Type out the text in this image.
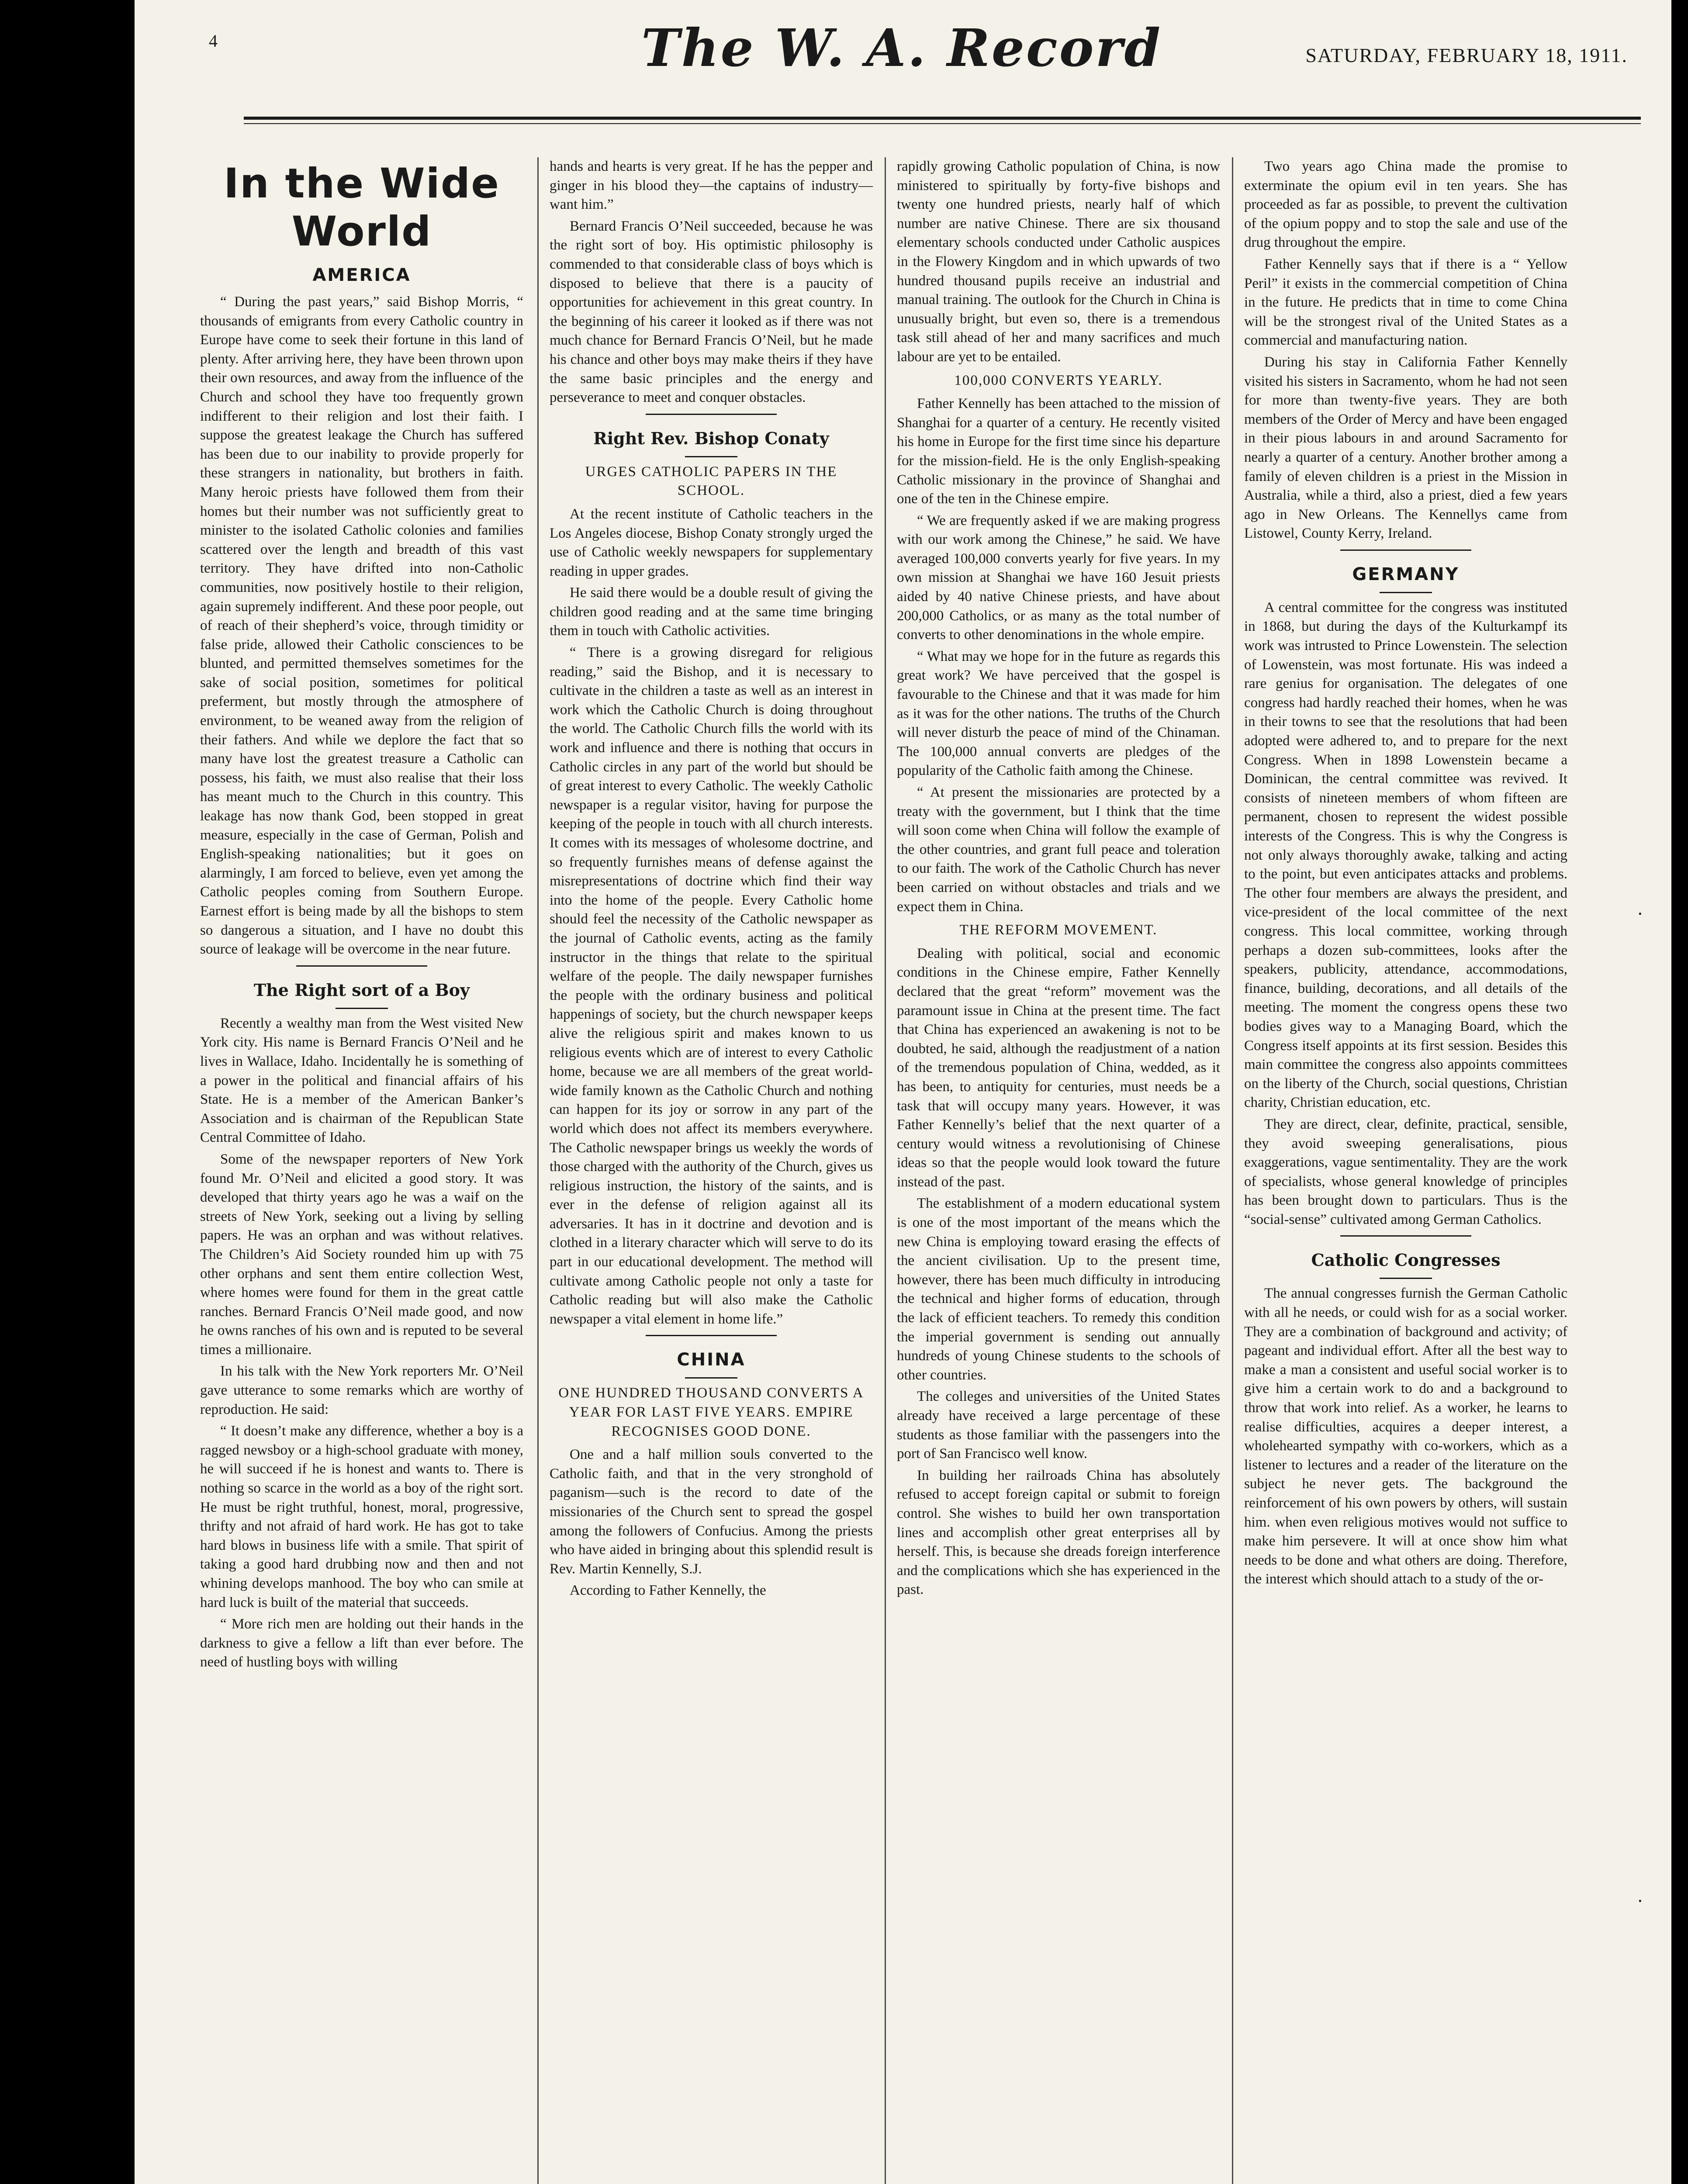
4	The W. A. Record	SATURDAY, FEBRUARY 18, 1911.
In the Wide World
AMERICA

“ During the past years,” said Bishop Morris, “ thousands of emigrants from every Catholic country in Europe have come to seek their fortune in this land of plenty. After arriving here, they have been thrown upon their own resources, and away from the influence of the Church and school they have too frequently grown indifferent to their religion and lost their faith. I suppose the greatest leakage the Church has suffered has been due to our inability to provide properly for these strangers in nationality, but brothers in faith. Many heroic priests have followed them from their homes but their number was not sufficiently great to minister to the isolated Catholic colonies and families scattered over the length and breadth of this vast territory. They have drifted into non-Catholic communities, now positively hostile to their religion, again supremely indifferent. And these poor people, out of reach of their shepherd’s voice, through timidity or false pride, allowed their Catholic consciences to be blunted, and permitted themselves sometimes for the sake of social position, sometimes for political preferment, but mostly through the atmosphere of environment, to be weaned away from the religion of their fathers. And while we deplore the fact that so many have lost the greatest treasure a Catholic can possess, his faith, we must also realise that their loss has meant much to the Church in this country. This leakage has now thank God, been stopped in great measure, especially in the case of German, Polish and English-speaking nationalities; but it goes on alarmingly, I am forced to believe, even yet among the Catholic peoples coming from Southern Europe. Earnest effort is being made by all the bishops to stem so dangerous a situation, and I have no doubt this source of leakage will be overcome in the near future.

The Right sort of a Boy

Recently a wealthy man from the West visited New York city. His name is Bernard Francis O’Neil and he lives in Wallace, Idaho. Incidentally he is something of a power in the political and financial affairs of his State. He is a member of the American Banker’s Association and is chairman of the Republican State Central Committee of Idaho.

Some of the newspaper reporters of New York found Mr. O’Neil and elicited a good story. It was developed that thirty years ago he was a waif on the streets of New York, seeking out a living by selling papers. He was an orphan and was without relatives. The Children’s Aid Society rounded him up with 75 other orphans and sent them entire collection West, where homes were found for them in the great cattle ranches. Bernard Francis O’Neil made good, and now he owns ranches of his own and is reputed to be several times a millionaire.

In his talk with the New York reporters Mr. O’Neil gave utterance to some remarks which are worthy of reproduction. He said:

“ It doesn’t make any difference, whether a boy is a ragged newsboy or a high-school graduate with money, he will succeed if he is honest and wants to. There is nothing so scarce in the world as a boy of the right sort. He must be right truthful, honest, moral, progressive, thrifty and not afraid of hard work. He has got to take hard blows in business life with a smile. That spirit of taking a good hard drubbing now and then and not whining develops manhood. The boy who can smile at hard luck is built of the material that succeeds.

“ More rich men are holding out their hands in the darkness to give a fellow a lift than ever before. The need of hustling boys with willing

hands and hearts is very great. If he has the pepper and ginger in his blood they—the captains of industry—want him.”

Bernard Francis O’Neil succeeded, because he was the right sort of boy. His optimistic philosophy is commended to that considerable class of boys which is disposed to believe that there is a paucity of opportunities for achievement in this great country. In the beginning of his career it looked as if there was not much chance for Bernard Francis O’Neil, but he made his chance and other boys may make theirs if they have the same basic principles and the energy and perseverance to meet and conquer obstacles.

Right Rev. Bishop Conaty

URGES CATHOLIC PAPERS IN THE SCHOOL.

At the recent institute of Catholic teachers in the Los Angeles diocese, Bishop Conaty strongly urged the use of Catholic weekly newspapers for supplementary reading in upper grades.

He said there would be a double result of giving the children good reading and at the same time bringing them in touch with Catholic activities.

“ There is a growing disregard for religious reading,” said the Bishop, and it is necessary to cultivate in the children a taste as well as an interest in work which the Catholic Church is doing throughout the world. The Catholic Church fills the world with its work and influence and there is nothing that occurs in Catholic circles in any part of the world but should be of great interest to every Catholic. The weekly Catholic newspaper is a regular visitor, having for purpose the keeping of the people in touch with all church interests. It comes with its messages of wholesome doctrine, and so frequently furnishes means of defense against the misrepresentations of doctrine which find their way into the home of the people. Every Catholic home should feel the necessity of the Catholic newspaper as the journal of Catholic events, acting as the family instructor in the things that relate to the spiritual welfare of the people. The daily newspaper furnishes the people with the ordinary business and political happenings of society, but the church newspaper keeps alive the religious spirit and makes known to us religious events which are of interest to every Catholic home, because we are all members of the great world-wide family known as the Catholic Church and nothing can happen for its joy or sorrow in any part of the world which does not affect its members everywhere. The Catholic newspaper brings us weekly the words of those charged with the authority of the Church, gives us religious instruction, the history of the saints, and is ever in the defense of religion against all its adversaries. It has in it doctrine and devotion and is clothed in a literary character which will serve to do its part in our educational development. The method will cultivate among Catholic people not only a taste for Catholic reading but will also make the Catholic newspaper a vital element in home life.”

CHINA

ONE HUNDRED THOUSAND CONVERTS A YEAR FOR LAST FIVE YEARS. EMPIRE RECOGNISES GOOD DONE.

One and a half million souls converted to the Catholic faith, and that in the very stronghold of paganism—such is the record to date of the missionaries of the Church sent to spread the gospel among the followers of Confucius. Among the priests who have aided in bringing about this splendid result is Rev. Martin Kennelly, S.J.

According to Father Kennelly, the

rapidly growing Catholic population of China, is now ministered to spiritually by forty-five bishops and twenty one hundred priests, nearly half of which number are native Chinese. There are six thousand elementary schools conducted under Catholic auspices in the Flowery Kingdom and in which upwards of two hundred thousand pupils receive an industrial and manual training. The outlook for the Church in China is unusually bright, but even so, there is a tremendous task still ahead of her and many sacrifices and much labour are yet to be entailed.

100,000 CONVERTS YEARLY.

Father Kennelly has been attached to the mission of Shanghai for a quarter of a century. He recently visited his home in Europe for the first time since his departure for the mission-field. He is the only English-speaking Catholic missionary in the province of Shanghai and one of the ten in the Chinese empire.

“ We are frequently asked if we are making progress with our work among the Chinese,” he said. We have averaged 100,000 converts yearly for five years. In my own mission at Shanghai we have 160 Jesuit priests aided by 40 native Chinese priests, and have about 200,000 Catholics, or as many as the total number of converts to other denominations in the whole empire.

“ What may we hope for in the future as regards this great work? We have perceived that the gospel is favourable to the Chinese and that it was made for him as it was for the other nations. The truths of the Church will never disturb the peace of mind of the Chinaman. The 100,000 annual converts are pledges of the popularity of the Catholic faith among the Chinese.

“ At present the missionaries are protected by a treaty with the government, but I think that the time will soon come when China will follow the example of the other countries, and grant full peace and toleration to our faith. The work of the Catholic Church has never been carried on without obstacles and trials and we expect them in China.

THE REFORM MOVEMENT.

Dealing with political, social and economic conditions in the Chinese empire, Father Kennelly declared that the great “reform” movement was the paramount issue in China at the present time. The fact that China has experienced an awakening is not to be doubted, he said, although the readjustment of a nation of the tremendous population of China, wedded, as it has been, to antiquity for centuries, must needs be a task that will occupy many years. However, it was Father Kennelly’s belief that the next quarter of a century would witness a revolutionising of Chinese ideas so that the people would look toward the future instead of the past.

The establishment of a modern educational system is one of the most important of the means which the new China is employing toward erasing the effects of the ancient civilisation. Up to the present time, however, there has been much difficulty in introducing the technical and higher forms of education, through the lack of efficient teachers. To remedy this condition the imperial government is sending out annually hundreds of young Chinese students to the schools of other countries.

The colleges and universities of the United States already have received a large percentage of these students as those familiar with the passengers into the port of San Francisco well know.

In building her railroads China has absolutely refused to accept foreign capital or submit to foreign control. She wishes to build her own transportation lines and accomplish other great enterprises all by herself. This, is because she dreads foreign interference and the complications which she has experienced in the past.

Two years ago China made the promise to exterminate the opium evil in ten years. She has proceeded as far as possible, to prevent the cultivation of the opium poppy and to stop the sale and use of the drug throughout the empire.

Father Kennelly says that if there is a “ Yellow Peril” it exists in the commercial competition of China in the future. He predicts that in time to come China will be the strongest rival of the United States as a commercial and manufacturing nation.

During his stay in California Father Kennelly visited his sisters in Sacramento, whom he had not seen for more than twenty-five years. They are both members of the Order of Mercy and have been engaged in their pious labours in and around Sacramento for nearly a quarter of a century. Another brother among a family of eleven children is a priest in the Mission in Australia, while a third, also a priest, died a few years ago in New Orleans. The Kennellys came from Listowel, County Kerry, Ireland.

GERMANY

A central committee for the congress was instituted in 1868, but during the days of the Kulturkampf its work was intrusted to Prince Lowenstein. The selection of Lowenstein, was most fortunate. His was indeed a rare genius for organisation. The delegates of one congress had hardly reached their homes, when he was in their towns to see that the resolutions that had been adopted were adhered to, and to prepare for the next Congress. When in 1898 Lowenstein became a Dominican, the central committee was revived. It consists of nineteen members of whom fifteen are permanent, chosen to represent the widest possible interests of the Congress. This is why the Congress is not only always thoroughly awake, talking and acting to the point, but even anticipates attacks and problems. The other four members are always the president, and vice-president of the local committee of the next congress. This local committee, working through perhaps a dozen sub-committees, looks after the speakers, publicity, attendance, accommodations, finance, building, decorations, and all details of the meeting. The moment the congress opens these two bodies gives way to a Managing Board, which the Congress itself appoints at its first session. Besides this main committee the congress also appoints committees on the liberty of the Church, social questions, Christian charity, Christian education, etc.

They are direct, clear, definite, practical, sensible, they avoid sweeping generalisations, pious exaggerations, vague sentimentality. They are the work of specialists, whose general knowledge of principles has been brought down to particulars. Thus is the “social-sense” cultivated among German Catholics.

Catholic Congresses

The annual congresses furnish the German Catholic with all he needs, or could wish for as a social worker. They are a combination of background and activity; of pageant and individual effort. After all the best way to make a man a consistent and useful social worker is to give him a certain work to do and a background to throw that work into relief. As a worker, he learns to realise difficulties, acquires a deeper interest, a wholehearted sympathy with co-workers, which as a listener to lectures and a reader of the literature on the subject he never gets. The background the reinforcement of his own powers by others, will sustain him. when even religious motives would not suffice to make him persevere. It will at once show him what needs to be done and what others are doing. Therefore, the interest which should attach to a study of the or-

·
·
